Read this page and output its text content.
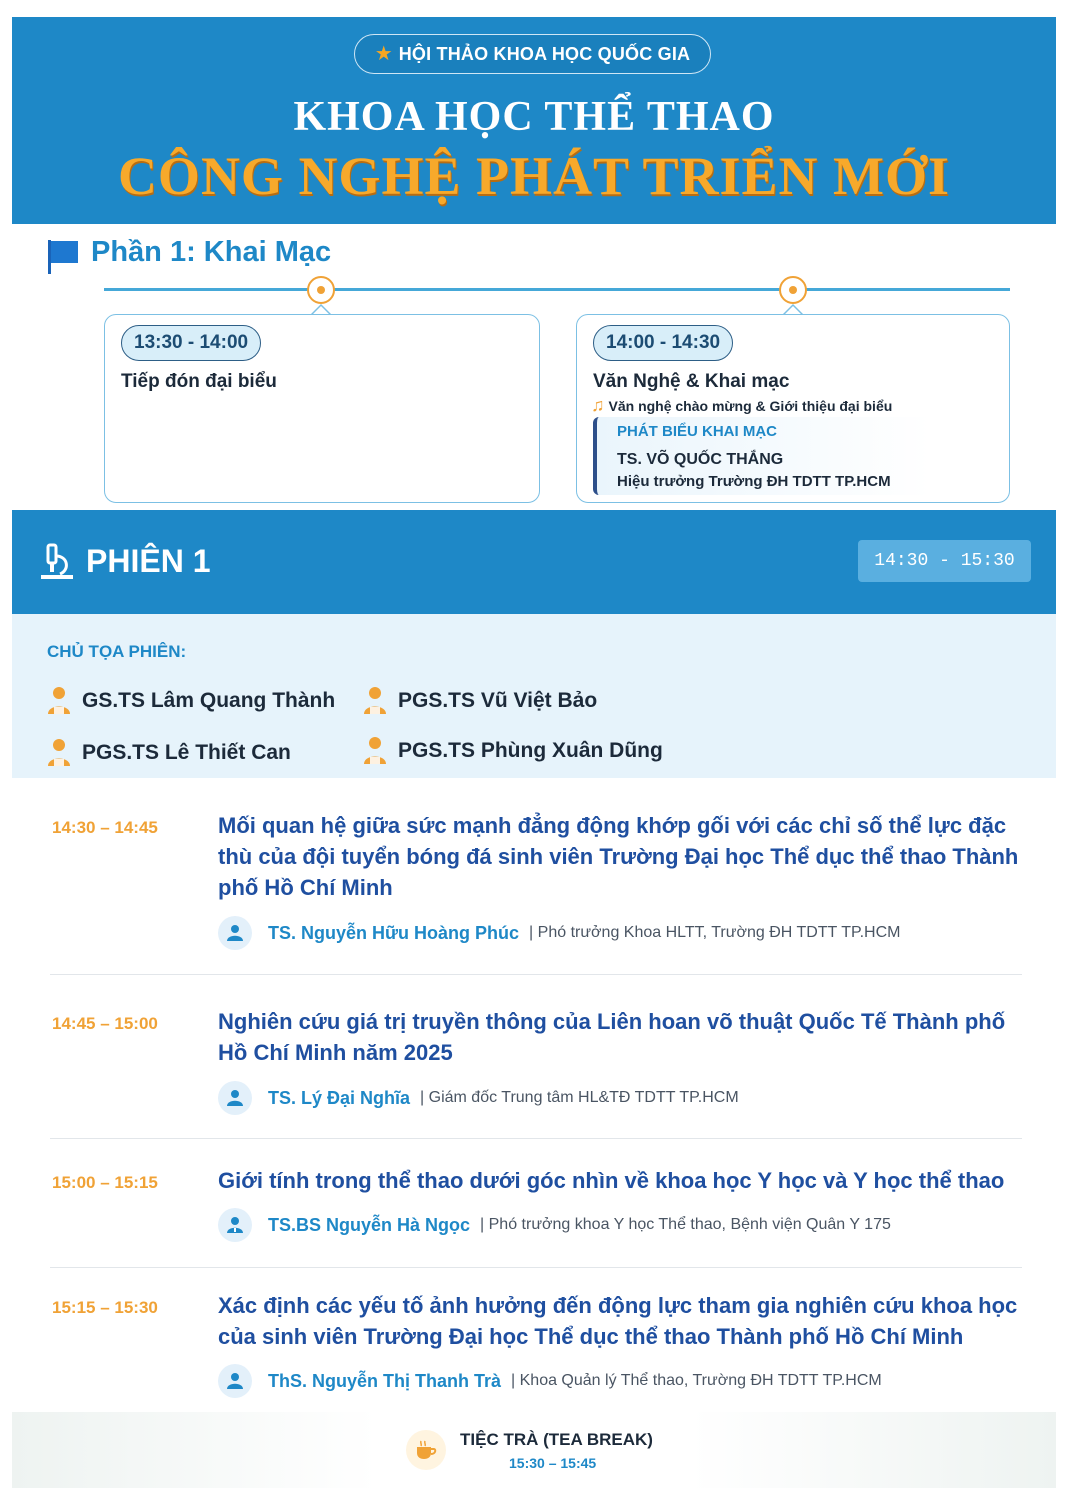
★ HỘI THẢO KHOA HỌC QUỐC GIA
KHOA HỌC THỂ THAO
CÔNG NGHỆ PHÁT TRIỂN MỚI
Phần 1: Khai Mạc
13:30 - 14:00
Tiếp đón đại biểu
14:00 - 14:30
Văn Nghệ & Khai mạc
♫ Văn nghệ chào mừng & Giới thiệu đại biểu
PHÁT BIỂU KHAI MẠC
TS. VÕ QUỐC THẮNG
Hiệu trưởng Trường ĐH TDTT TP.HCM
PHIÊN 1	14:30 - 15:30
CHỦ TỌA PHIÊN:
GS.TS Lâm Quang Thành	PGS.TS Vũ Việt Bảo
PGS.TS Lê Thiết Can	PGS.TS Phùng Xuân Dũng
14:30 – 14:45	Mối quan hệ giữa sức mạnh đẳng động khớp gối với các chỉ số thể lực đặc thù của đội tuyển bóng đá sinh viên Trường Đại học Thể dục thể thao Thành phố Hồ Chí Minh
TS. Nguyễn Hữu Hoàng Phúc | Phó trưởng Khoa HLTT, Trường ĐH TDTT TP.HCM
14:45 – 15:00	Nghiên cứu giá trị truyền thông của Liên hoan võ thuật Quốc Tế Thành phố Hồ Chí Minh năm 2025
TS. Lý Đại Nghĩa | Giám đốc Trung tâm HL&TĐ TDTT TP.HCM
15:00 – 15:15	Giới tính trong thể thao dưới góc nhìn về khoa học Y học và Y học thể thao
TS.BS Nguyễn Hà Ngọc | Phó trưởng khoa Y học Thể thao, Bệnh viện Quân Y 175
15:15 – 15:30	Xác định các yếu tố ảnh hưởng đến động lực tham gia nghiên cứu khoa học của sinh viên Trường Đại học Thể dục thể thao Thành phố Hồ Chí Minh
ThS. Nguyễn Thị Thanh Trà | Khoa Quản lý Thể thao, Trường ĐH TDTT TP.HCM
TIỆC TRÀ (TEA BREAK)
15:30 – 15:45
